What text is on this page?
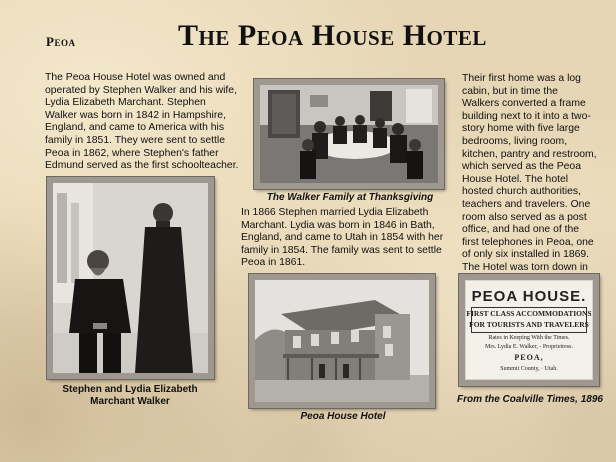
Peoa	The Peoa House Hotel
The Peoa House Hotel was owned and operated by Stephen Walker and his wife, Lydia Elizabeth Marchant. Stephen Walker was born in 1842 in Hampshire, England, and came to America with his family in 1851. They were sent to settle Peoa in 1862, where Stephen's father Edmund served as the first schoolteacher.
In 1866 Stephen married Lydia Elizabeth Marchant. Lydia was born in 1846 in Bath, England, and came to Utah in 1854 with her family in 1854. The family was sent to settle Peoa in 1861.
Their first home was a log cabin, but in time the Walkers converted a frame building next to it into a two-story home with five large bedrooms, living room, kitchen, pantry and restroom, which served as the Peoa House Hotel. The hotel hosted church authorities, teachers and travelers. One room also served as a post office, and had one of the first telephones in Peoa, one of only six installed in 1869. The Hotel was torn down in
The Walker Family at Thanksgiving
Stephen and Lydia Elizabeth Marchant Walker
Peoa House Hotel
PEOA HOUSE.
FIRST CLASS ACCOMMODATIONS
FOR TOURISTS AND TRAVELERS
Rates in Keeping With the Times.
Mrs. Lydia E. Walker, - Proprietress.
PEOA,
Summit County, · Utah.
From the Coalville Times, 1896
